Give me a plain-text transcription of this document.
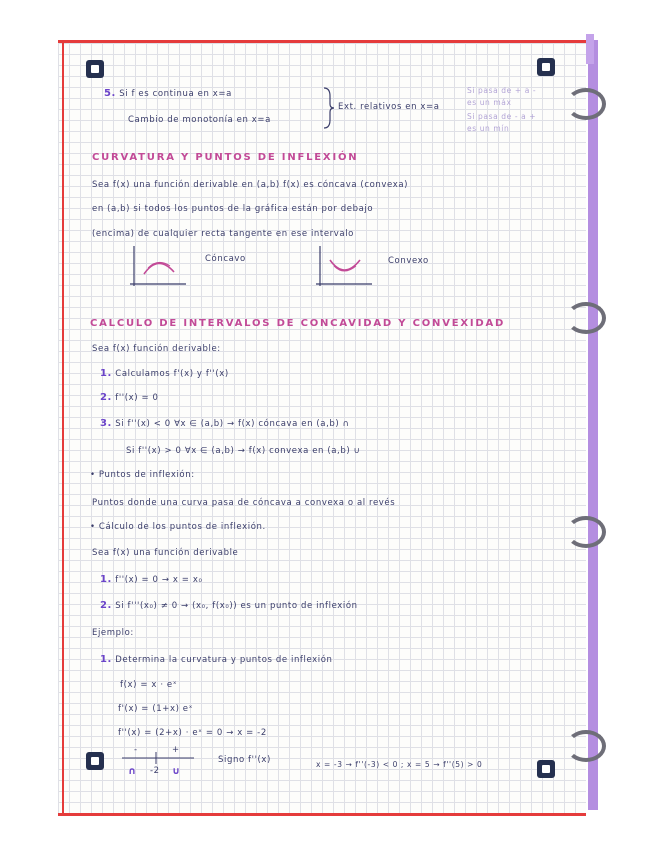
5. Si f es continua en x=a
Cambio de monotonía en x=a
Ext. relativos en x=a
Si pasa de + a -
es un máx
Si pasa de - a +
es un mín
CURVATURA Y PUNTOS DE INFLEXIÓN
Sea f(x) una función derivable en (a,b) f(x) es cóncava (convexa)
en (a,b) si todos los puntos de la gráfica están por debajo
(encima) de cualquier recta tangente en ese intervalo
Cóncavo	Convexo
CALCULO DE INTERVALOS DE CONCAVIDAD Y CONVEXIDAD
Sea f(x) función derivable:
1. Calculamos f'(x) y f''(x)
2. f''(x) = 0
3. Si f''(x) < 0 ∀x ∈ (a,b) → f(x) cóncava en (a,b) ∩
Si f''(x) > 0 ∀x ∈ (a,b) → f(x) convexa en (a,b) ∪
• Puntos de inflexión:
Puntos donde una curva pasa de cóncava a convexa o al revés
• Cálculo de los puntos de inflexión.
Sea f(x) una función derivable
1. f''(x) = 0 → x = x₀
2. Si f'''(x₀) ≠ 0 → (x₀, f(x₀)) es un punto de inflexión
Ejemplo:
1. Determina la curvatura y puntos de inflexión
f(x) = x · eˣ
f'(x) = (1+x) eˣ
f''(x) = (2+x) · eˣ = 0 → x = -2
-	+
∩ -2 ∪
Signo f''(x)	x = -3 → f''(-3) < 0 ; x = 5 → f''(5) > 0
